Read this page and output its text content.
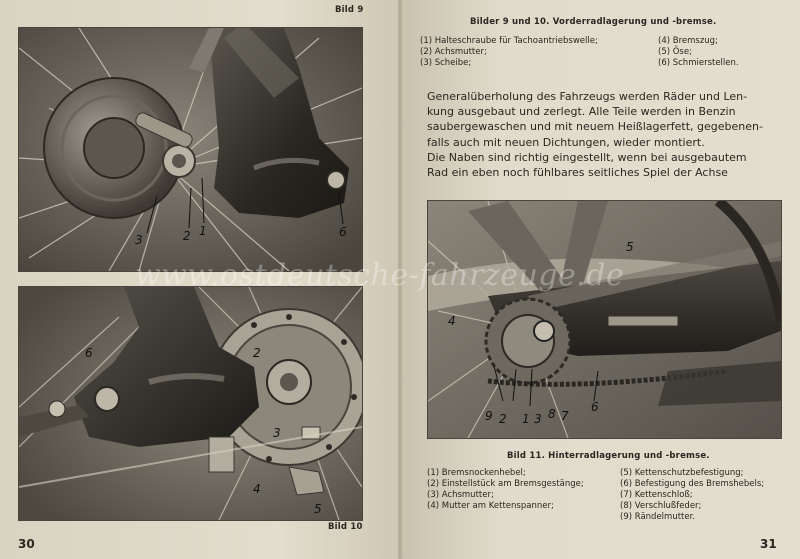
Bild 9
3	2 1	6
6	2
3
4
5
Bild 10
30
Bilder 9 und 10. Vorderradlagerung und -bremse.
(1) Halteschraube für Tachoantriebswelle;
(2) Achsmutter;
(3) Scheibe;
(4) Bremszug;
(5) Öse;
(6) Schmierstellen.
Generalüberholung des Fahrzeugs werden Räder und Len-
kung ausgebaut und zerlegt. Alle Teile werden in Benzin
saubergewaschen und mit neuem Heißlagerfett, gegebenen-
falls auch mit neuen Dichtungen, wieder montiert.
Die Naben sind richtig eingestellt, wenn bei ausgebautem
Rad ein eben noch fühlbares seitliches Spiel der Achse
5
4
9 2 1 3 8 7
6
Bild 11. Hinterradlagerung und -bremse.
(1) Bremsnockenhebel;
(2) Einstellstück am Bremsgestänge;
(3) Achsmutter;
(4) Mutter am Kettenspanner;
(5) Kettenschutzbefestigung;
(6) Befestigung des Bremshebels;
(7) Kettenschloß;
(8) Verschlußfeder;
(9) Rändelmutter.
31
www.ostdeutsche-fahrzeuge.de
